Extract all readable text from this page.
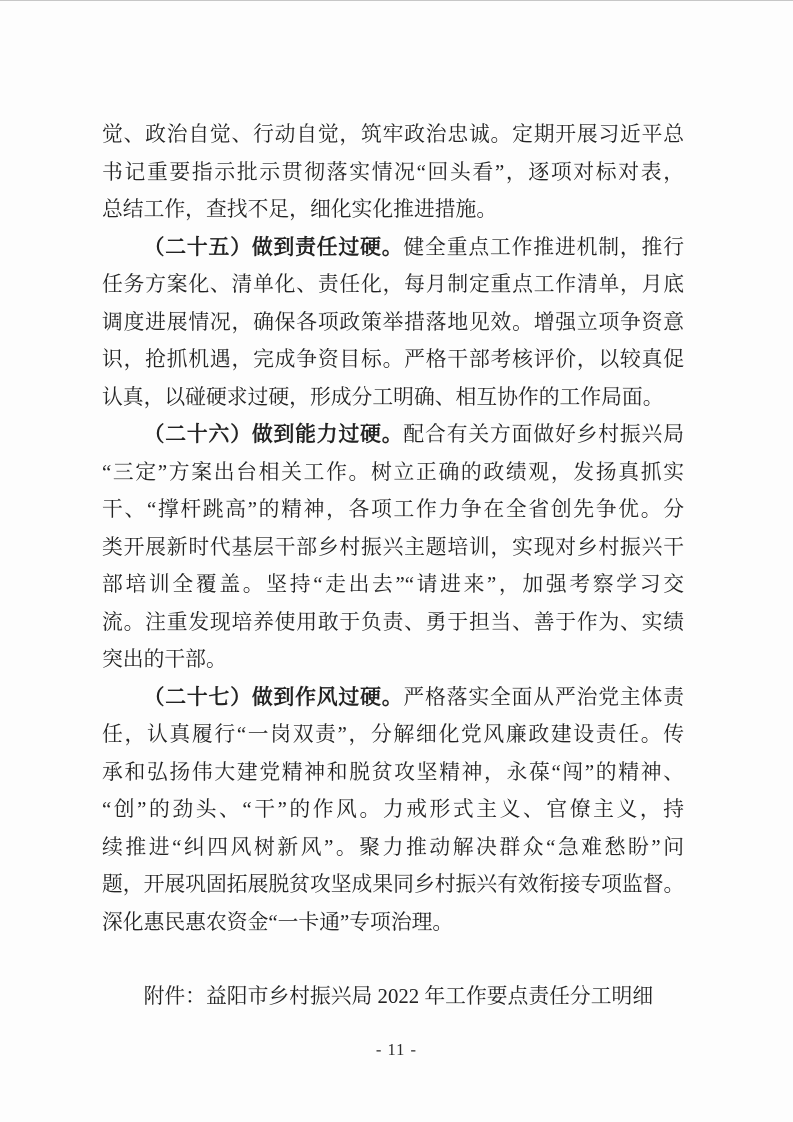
觉、政治自觉、行动自觉，筑牢政治忠诚。定期开展习近平总
书记重要指示批示贯彻落实情况“回头看”，逐项对标对表，
总结工作，查找不足，细化实化推进措施。
（二十五）做到责任过硬。健全重点工作推进机制，推行
任务方案化、清单化、责任化，每月制定重点工作清单，月底
调度进展情况，确保各项政策举措落地见效。增强立项争资意
识，抢抓机遇，完成争资目标。严格干部考核评价，以较真促
认真，以碰硬求过硬，形成分工明确、相互协作的工作局面。
（二十六）做到能力过硬。配合有关方面做好乡村振兴局
“三定”方案出台相关工作。树立正确的政绩观，发扬真抓实
干、“撑杆跳高”的精神，各项工作力争在全省创先争优。分
类开展新时代基层干部乡村振兴主题培训，实现对乡村振兴干
部培训全覆盖。坚持“走出去”“请进来”，加强考察学习交
流。注重发现培养使用敢于负责、勇于担当、善于作为、实绩
突出的干部。
（二十七）做到作风过硬。严格落实全面从严治党主体责
任，认真履行“一岗双责”，分解细化党风廉政建设责任。传
承和弘扬伟大建党精神和脱贫攻坚精神，永葆“闯”的精神、
“创”的劲头、“干”的作风。力戒形式主义、官僚主义，持
续推进“纠四风树新风”。聚力推动解决群众“急难愁盼”问
题，开展巩固拓展脱贫攻坚成果同乡村振兴有效衔接专项监督。
深化惠民惠农资金“一卡通”专项治理。
附件：益阳市乡村振兴局 2022 年工作要点责任分工明细
- 11 -
